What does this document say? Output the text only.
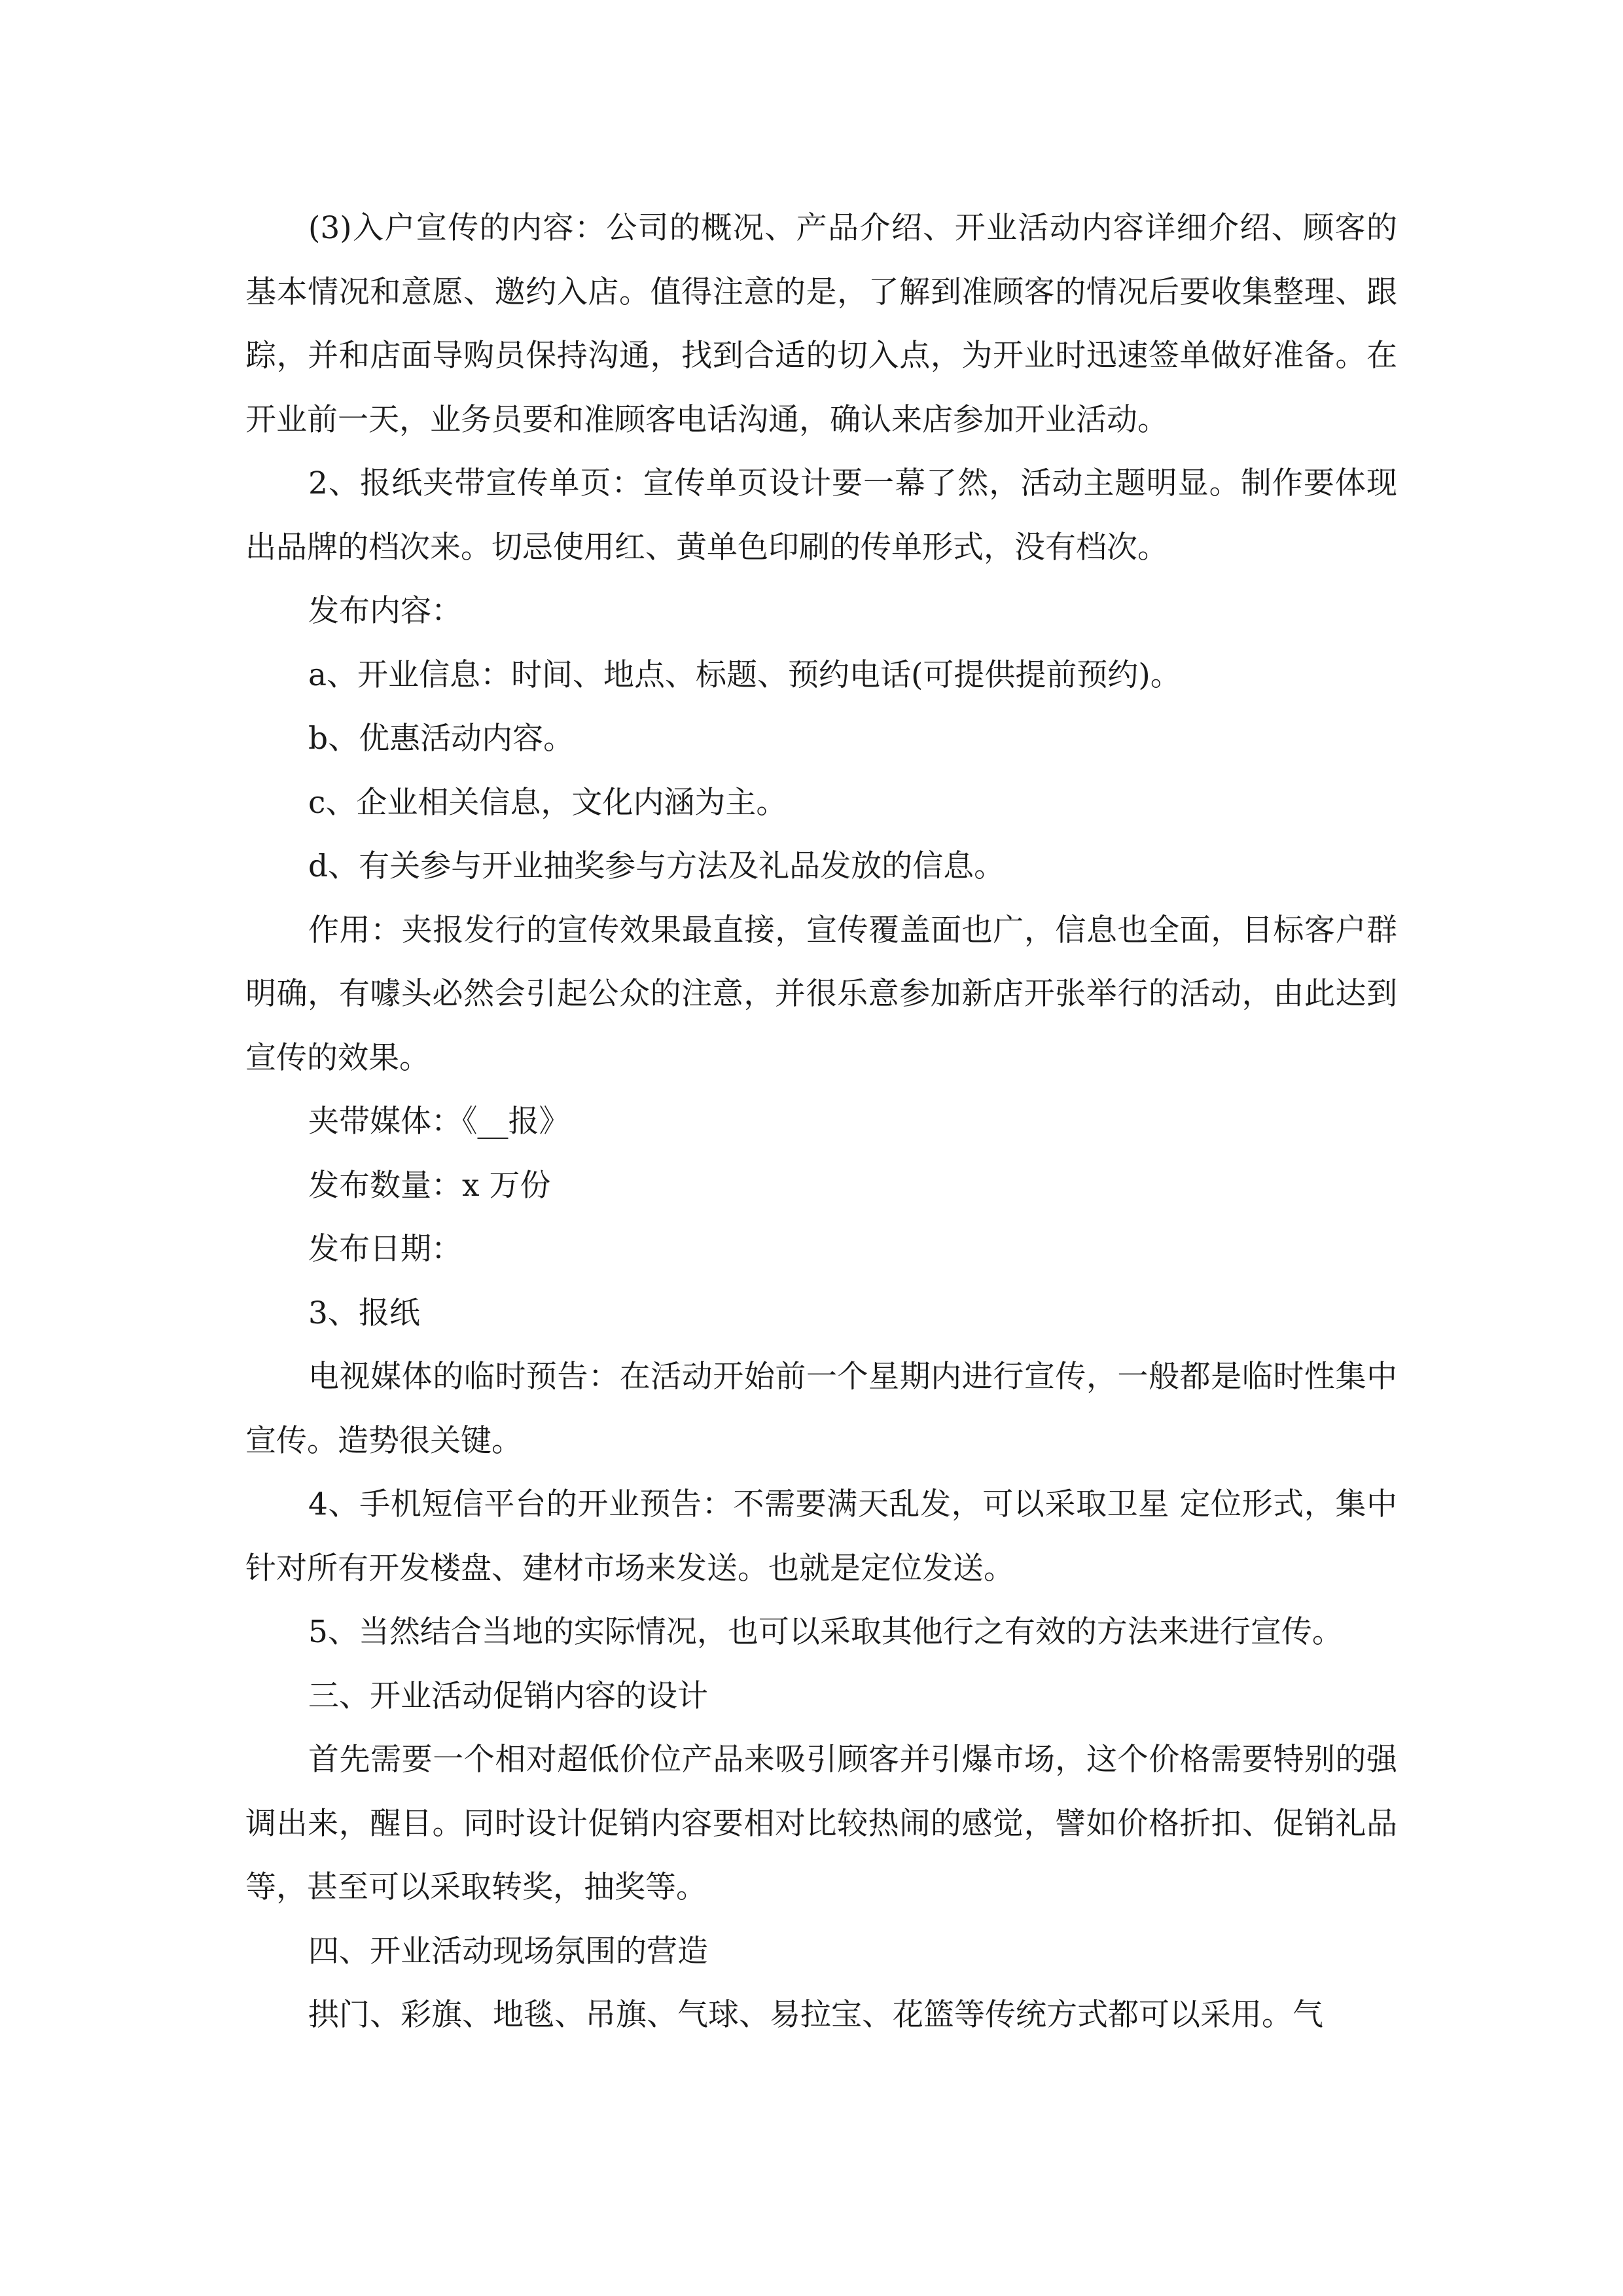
(3)入户宣传的内容：公司的概况、产品介绍、开业活动内容详细介绍、顾客的基本情况和意愿、邀约入店。值得注意的是，了解到准顾客的情况后要收集整理、跟踪，并和店面导购员保持沟通，找到合适的切入点，为开业时迅速签单做好准备。在开业前一天，业务员要和准顾客电话沟通，确认来店参加开业活动。

2、报纸夹带宣传单页：宣传单页设计要一幕了然，活动主题明显。制作要体现出品牌的档次来。切忌使用红、黄单色印刷的传单形式，没有档次。

发布内容：

a、开业信息：时间、地点、标题、预约电话(可提供提前预约)。

b、优惠活动内容。

c、企业相关信息，文化内涵为主。

d、有关参与开业抽奖参与方法及礼品发放的信息。

作用：夹报发行的宣传效果最直接，宣传覆盖面也广，信息也全面，目标客户群明确，有噱头必然会引起公众的注意，并很乐意参加新店开张举行的活动，由此达到宣传的效果。

夹带媒体：《__报》

发布数量：x 万份

发布日期：

3、报纸

电视媒体的临时预告：在活动开始前一个星期内进行宣传，一般都是临时性集中宣传。造势很关键。

4、手机短信平台的开业预告：不需要满天乱发，可以采取卫星 定位形式，集中针对所有开发楼盘、建材市场来发送。也就是定位发送。

5、当然结合当地的实际情况，也可以采取其他行之有效的方法来进行宣传。

三、开业活动促销内容的设计

首先需要一个相对超低价位产品来吸引顾客并引爆市场，这个价格需要特别的强调出来，醒目。同时设计促销内容要相对比较热闹的感觉，譬如价格折扣、促销礼品等，甚至可以采取转奖，抽奖等。

四、开业活动现场氛围的营造

拱门、彩旗、地毯、吊旗、气球、易拉宝、花篮等传统方式都可以采用。气
